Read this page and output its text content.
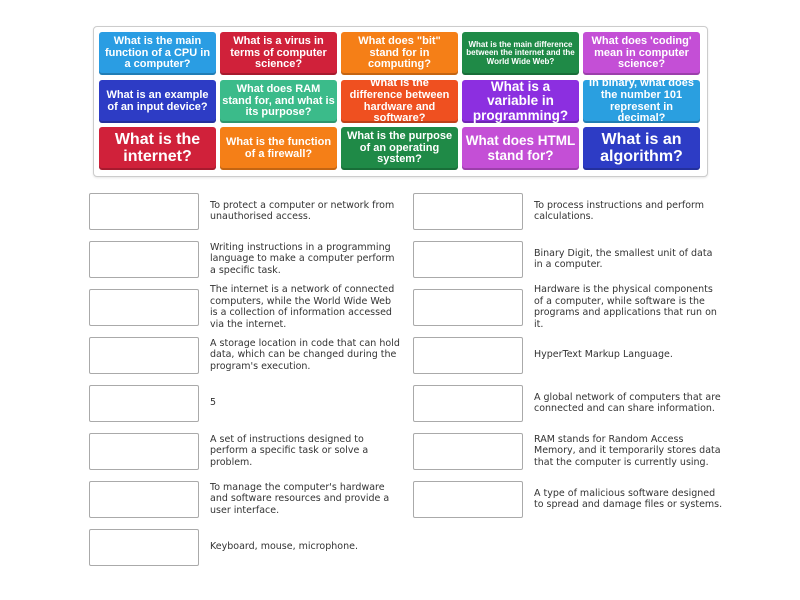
What is the main function of a CPU in a computer?
What is a virus in terms of computer science?
What does "bit" stand for in computing?
What is the main difference between the internet and the World Wide Web?
What does 'coding' mean in computer science?
What is an example of an input device?
What does RAM stand for, and what is its purpose?
What is the difference between hardware and software?
What is a variable in programming?
In binary, what does the number 101 represent in decimal?
What is the internet?
What is the function of a firewall?
What is the purpose of an operating system?
What does HTML stand for?
What is an algorithm?
To protect a computer or network from unauthorised access.
Writing instructions in a programming language to make a computer perform a specific task.
The internet is a network of connected computers, while the World Wide Web is a collection of information accessed via the internet.
A storage location in code that can hold data, which can be changed during the program's execution.
5
A set of instructions designed to perform a specific task or solve a problem.
To manage the computer's hardware and software resources and provide a user interface.
Keyboard, mouse, microphone.
To process instructions and perform calculations.
Binary Digit, the smallest unit of data in a computer.
Hardware is the physical components of a computer, while software is the programs and applications that run on it.
HyperText Markup Language.
A global network of computers that are connected and can share information.
RAM stands for Random Access Memory, and it temporarily stores data that the computer is currently using.
A type of malicious software designed to spread and damage files or systems.
